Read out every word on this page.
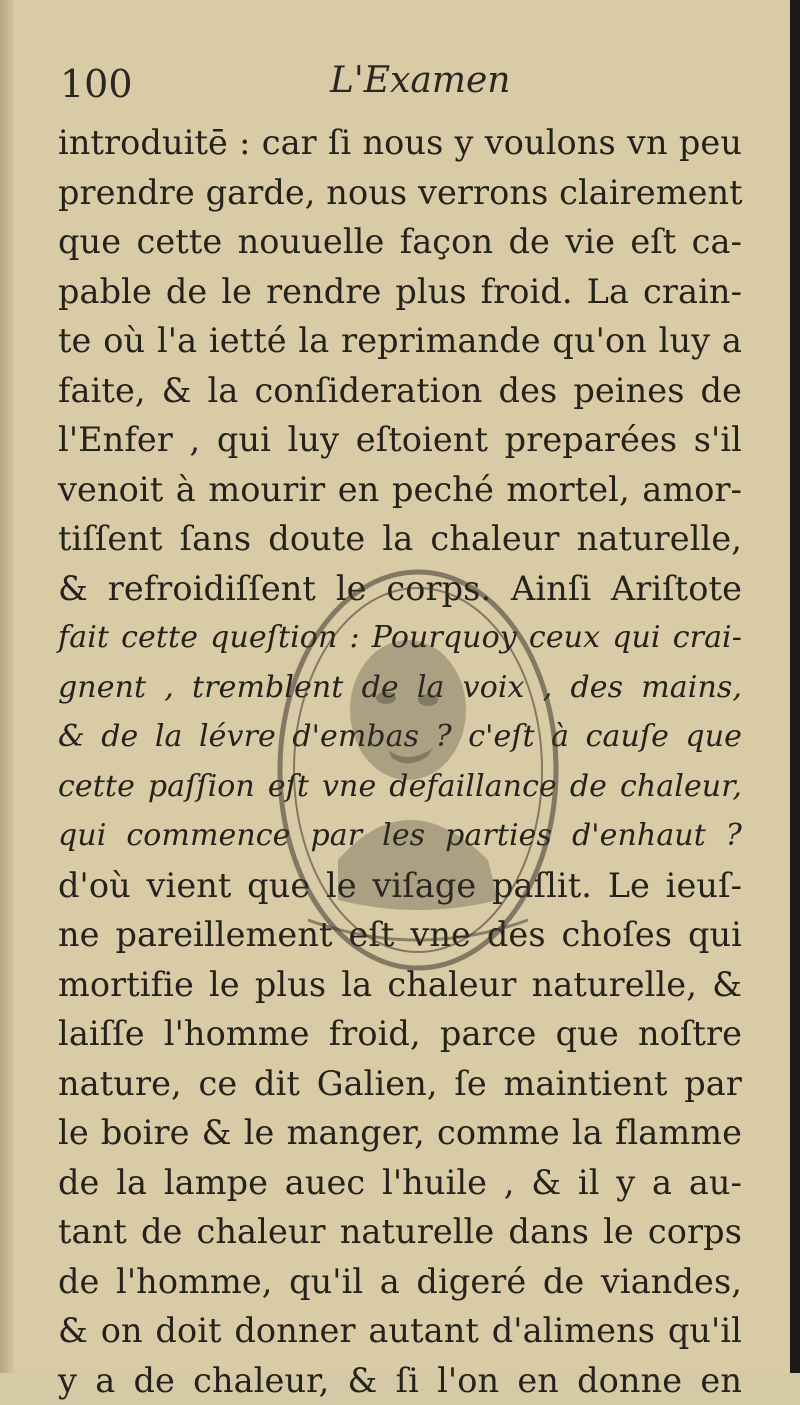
100	L'Examen
introduitē : car ſi nous y voulons vn peu
prendre garde, nous verrons clairement
que cette nouuelle façon de vie eſt ca-
pable de le rendre plus froid. La crain-
te où l'a ietté la reprimande qu'on luy a
faite, & la conſideration des peines de
l'Enfer , qui luy eſtoient preparées s'il
venoit à mourir en peché mortel, amor-
tiſſent ſans doute la chaleur naturelle,
& refroidiſſent le corps. Ainſi Ariſtote
fait cette queſtion : Pourquoy ceux qui crai-
gnent , tremblent de la voix , des mains,
& de la lévre d'embas ? c'eſt à cauſe que
cette paſſion eſt vne defaillance de chaleur,
qui commence par les parties d'enhaut ?
d'où vient que le viſage paſlit. Le ieuſ-
ne pareillement eſt vne des choſes qui
mortifie le plus la chaleur naturelle, &
laiſſe l'homme froid, parce que noſtre
nature, ce dit Galien, ſe maintient par
le boire & le manger, comme la flamme
de la lampe auec l'huile , & il y a au-
tant de chaleur naturelle dans le corps
de l'homme, qu'il a digeré de viandes,
& on doit donner autant d'alimens qu'il
y a de chaleur, & ſi l'on en donne en
